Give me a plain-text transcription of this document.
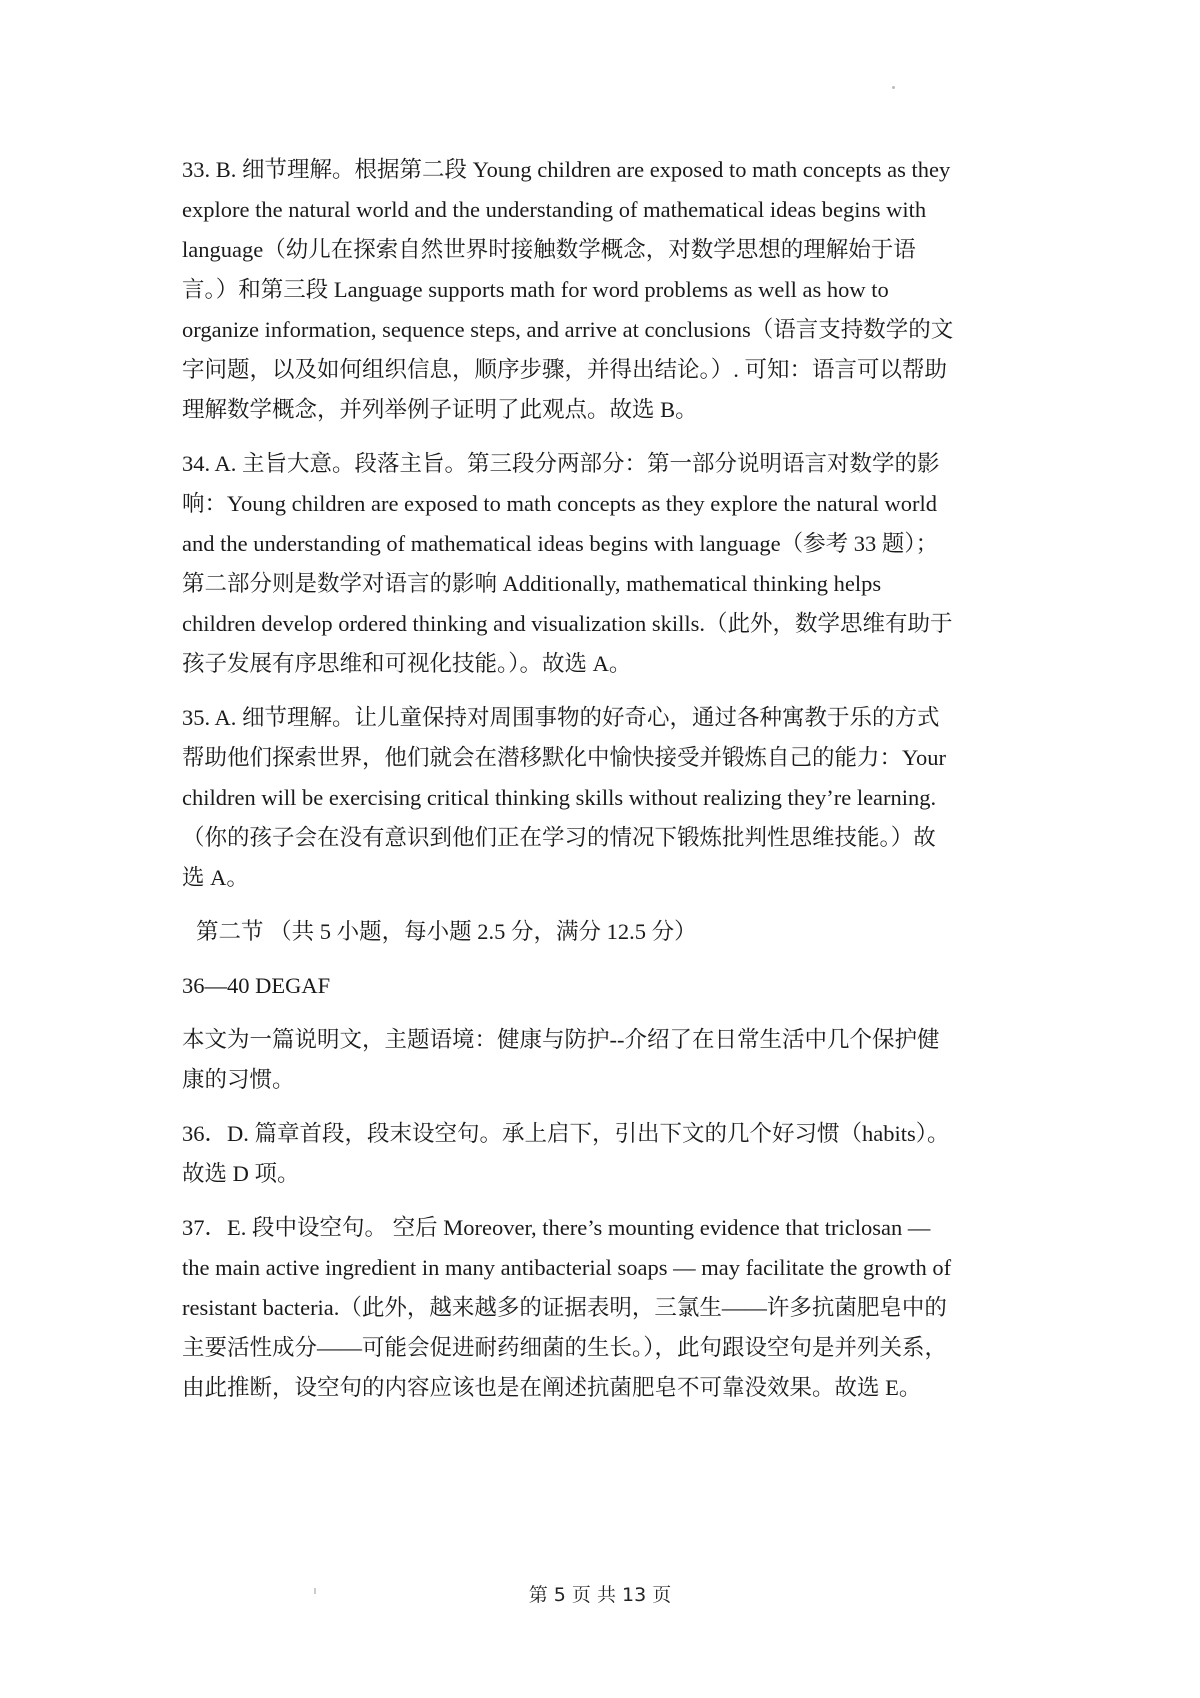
33. B. 细节理解。根据第二段 Young children are exposed to math concepts as they
explore the natural world and the understanding of mathematical ideas begins with
language（幼儿在探索自然世界时接触数学概念，对数学思想的理解始于语
言。）和第三段 Language supports math for word problems as well as how to
organize information, sequence steps, and arrive at conclusions（语言支持数学的文
字问题，以及如何组织信息，顺序步骤，并得出结论。）. 可知：语言可以帮助
理解数学概念，并列举例子证明了此观点。故选 B。
34. A. 主旨大意。段落主旨。第三段分两部分：第一部分说明语言对数学的影
响：Young children are exposed to math concepts as they explore the natural world
and the understanding of mathematical ideas begins with language（参考 33 题）；
第二部分则是数学对语言的影响 Additionally, mathematical thinking helps
children develop ordered thinking and visualization skills.（此外，数学思维有助于
孩子发展有序思维和可视化技能。）。故选 A。
35. A. 细节理解。让儿童保持对周围事物的好奇心，通过各种寓教于乐的方式
帮助他们探索世界，他们就会在潜移默化中愉快接受并锻炼自己的能力：Your
children will be exercising critical thinking skills without realizing they’re learning.
（你的孩子会在没有意识到他们正在学习的情况下锻炼批判性思维技能。）故
选 A。
第二节 （共 5 小题，每小题 2.5 分，满分 12.5 分）
36—40 DEGAF
本文为一篇说明文，主题语境：健康与防护--介绍了在日常生活中几个保护健
康的习惯。
36．D. 篇章首段，段末设空句。承上启下，引出下文的几个好习惯（habits）。
故选 D 项。
37．E. 段中设空句。 空后 Moreover, there’s mounting evidence that triclosan —
the main active ingredient in many antibacterial soaps — may facilitate the growth of
resistant bacteria.（此外，越来越多的证据表明，三氯生——许多抗菌肥皂中的
主要活性成分——可能会促进耐药细菌的生长。），此句跟设空句是并列关系，
由此推断，设空句的内容应该也是在阐述抗菌肥皂不可靠没效果。故选 E。
第 5 页 共 13 页
